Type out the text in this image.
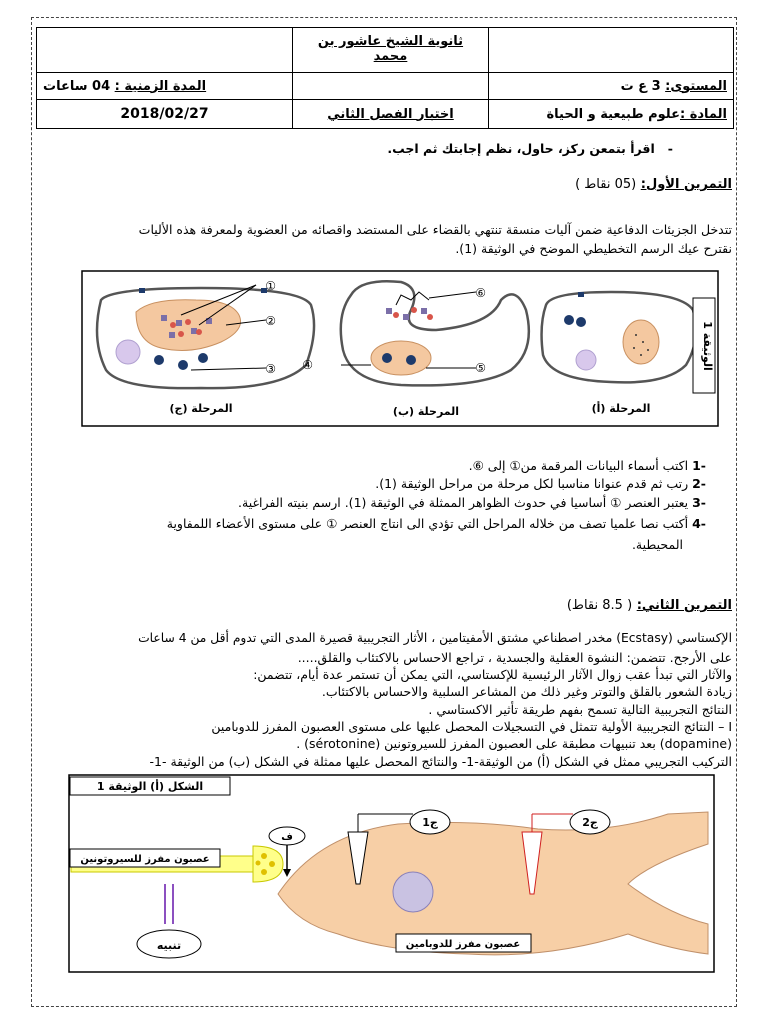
	ثانوية الشيخ عاشور بن محمد	
المستوى: 3 ع ت		المدة الزمنية : 04 ساعات
المادة :علوم طبيعية و الحياة	اختبار الفصل الثاني	2018/02/27
-   اقرأ بتمعن ركز، حاول، نظم إجابتك ثم اجب.
التمرين الأول: (05 نقاط )
تتدخل الجزيئات الدفاعية ضمن آليات منسقة تنتهي بالقضاء على المستضد واقصائه من العضوية ولمعرفة هذه الأليات
نقترح عيك الرسم التخطيطي الموضح في الوثيقة (1).
①
②
③
المرحلة (ج)
⑥
④	⑤
المرحلة (ب)	المرحلة (أ)
الوثيقة 1
-1 اكتب أسماء البيانات المرقمة من① إلى ⑥.
-2 رتب ثم قدم عنوانا مناسبا لكل مرحلة من مراحل الوثيقة (1).
-3 يعتبر العنصر ① أساسيا في حدوث الظواهر الممثلة في الوثيقة (1). ارسم بنيته الفراغية.
-4 أكتب نصا علميا تصف من خلاله المراحل التي تؤدي الى انتاج العنصر ① على مستوى الأعضاء اللمفاوية
المحيطية.
التمرين الثاني: ( 8.5 نقاط)
الإكستاسي (Ecstasy) مخدر اصطناعي مشتق الأمفيتامين ، الأثار التجريبية قصيرة المدى التي تدوم أقل من 4 ساعات
على الأرجح. تتضمن: النشوة العقلية والجسدية ، تراجع الاحساس بالاكتئاب والقلق.....
والآثار التي تبدأ عقب زوال الآثار الرئيسية للإكستاسي، التي يمكن أن تستمر عدة أيام، تتضمن:
زيادة الشعور بالقلق والتوتر وغير ذلك من المشاعر السلبية والاحساس بالاكتئاب.
النتائج التجريبية التالية تسمح بفهم طريقة تأثير الاكستاسي .
I – النتائج التجريبية الأولية تتمثل في التسجيلات المحصل عليها على مستوى العصبون المفرز للدوبامين
(dopamine) بعد تنبيهات مطبقة على العصبون المفرز للسيروتونين (sérotonine) .
التركيب التجريبي ممثل في الشكل (أ) من الوثيقة-1- والنتائج المحصل عليها ممثلة في الشكل (ب) من الوثيقة -1-
تنبيه
ف
ج1	ج2
الشكل (أ) الوثيقة 1
عصبون مفرز للسيروتونين
عصبون مفرز للدوبامين
